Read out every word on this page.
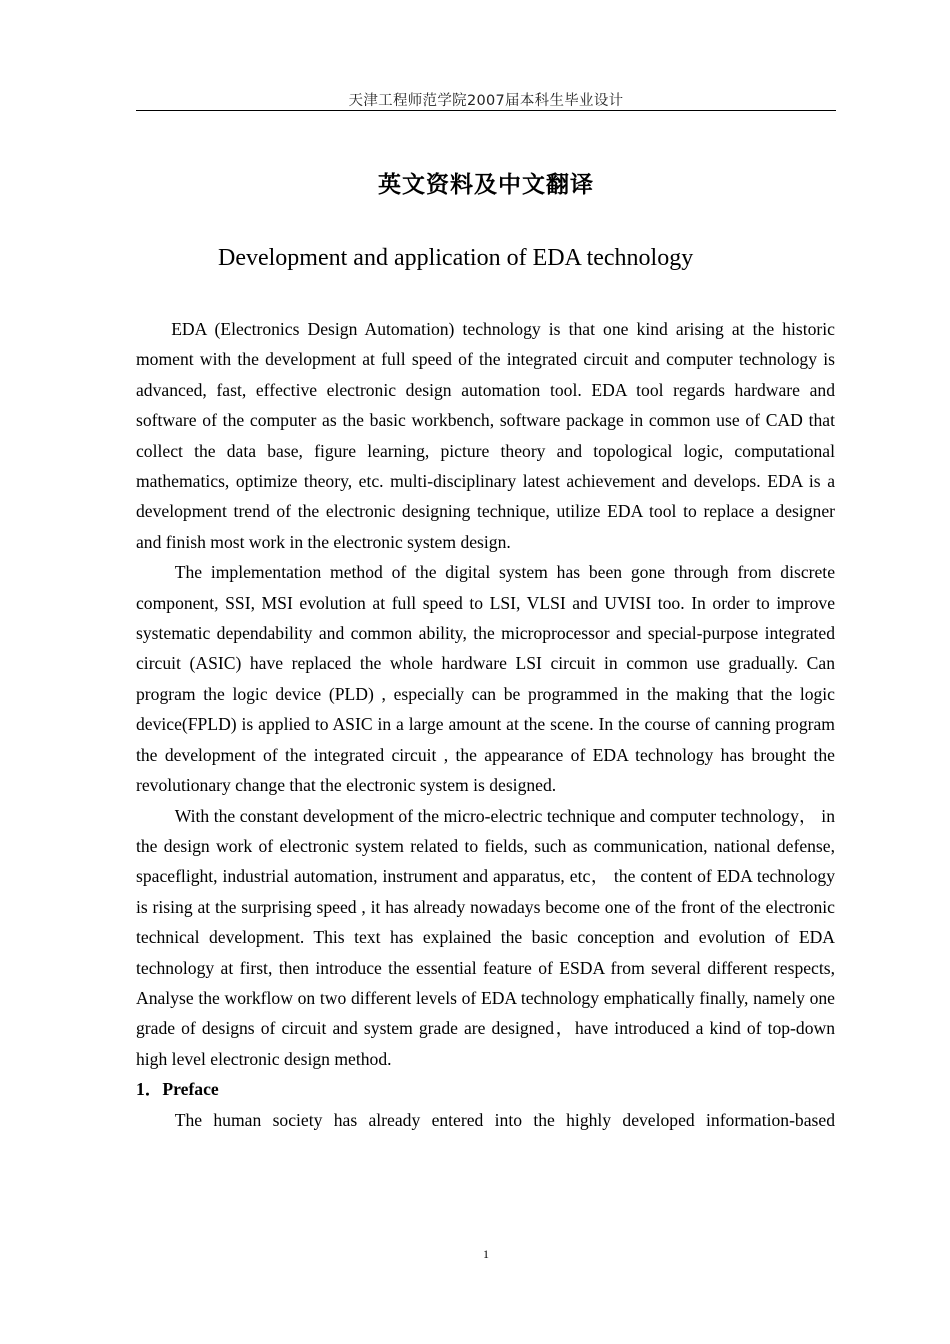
天津工程师范学院2007届本科生毕业设计
英文资料及中文翻译
Development and application of EDA technology

EDA (Electronics Design Automation) technology is that one kind arising at the historic moment with the development at full speed of the integrated circuit and computer technology is advanced, fast, effective electronic design automation tool. EDA tool regards hardware and software of the computer as the basic workbench, software package in common use of CAD that collect the data base, figure learning, picture theory and topological logic, computational mathematics, optimize theory, etc. multi-disciplinary latest achievement and develops. EDA is a development trend of the electronic designing technique, utilize EDA tool to replace a designer and finish most work in the electronic system design.

The implementation method of the digital system has been gone through from discrete component, SSI, MSI evolution at full speed to LSI, VLSI and UVISI too. In order to improve systematic dependability and common ability, the microprocessor and special-purpose integrated circuit (ASIC) have replaced the whole hardware LSI circuit in common use gradually. Can program the logic device (PLD) , especially can be programmed in the making that the logic device(FPLD) is applied to ASIC in a large amount at the scene. In the course of canning program the development of the integrated circuit , the appearance of EDA technology has brought the revolutionary change that the electronic system is designed.

With the constant development of the micro-electric technique and computer technology， in the design work of electronic system related to fields, such as communication, national defense, spaceflight, industrial automation, instrument and apparatus, etc， the content of EDA technology is rising at the surprising speed , it has already nowadays become one of the front of the electronic technical development. This text has explained the basic conception and evolution of EDA technology at first, then introduce the essential feature of ESDA from several different respects, Analyse the workflow on two different levels of EDA technology emphatically finally, namely one grade of designs of circuit and system grade are designed，have introduced a kind of top-down high level electronic design method.

1．Preface

The human society has already entered into the highly developed information-based

1
